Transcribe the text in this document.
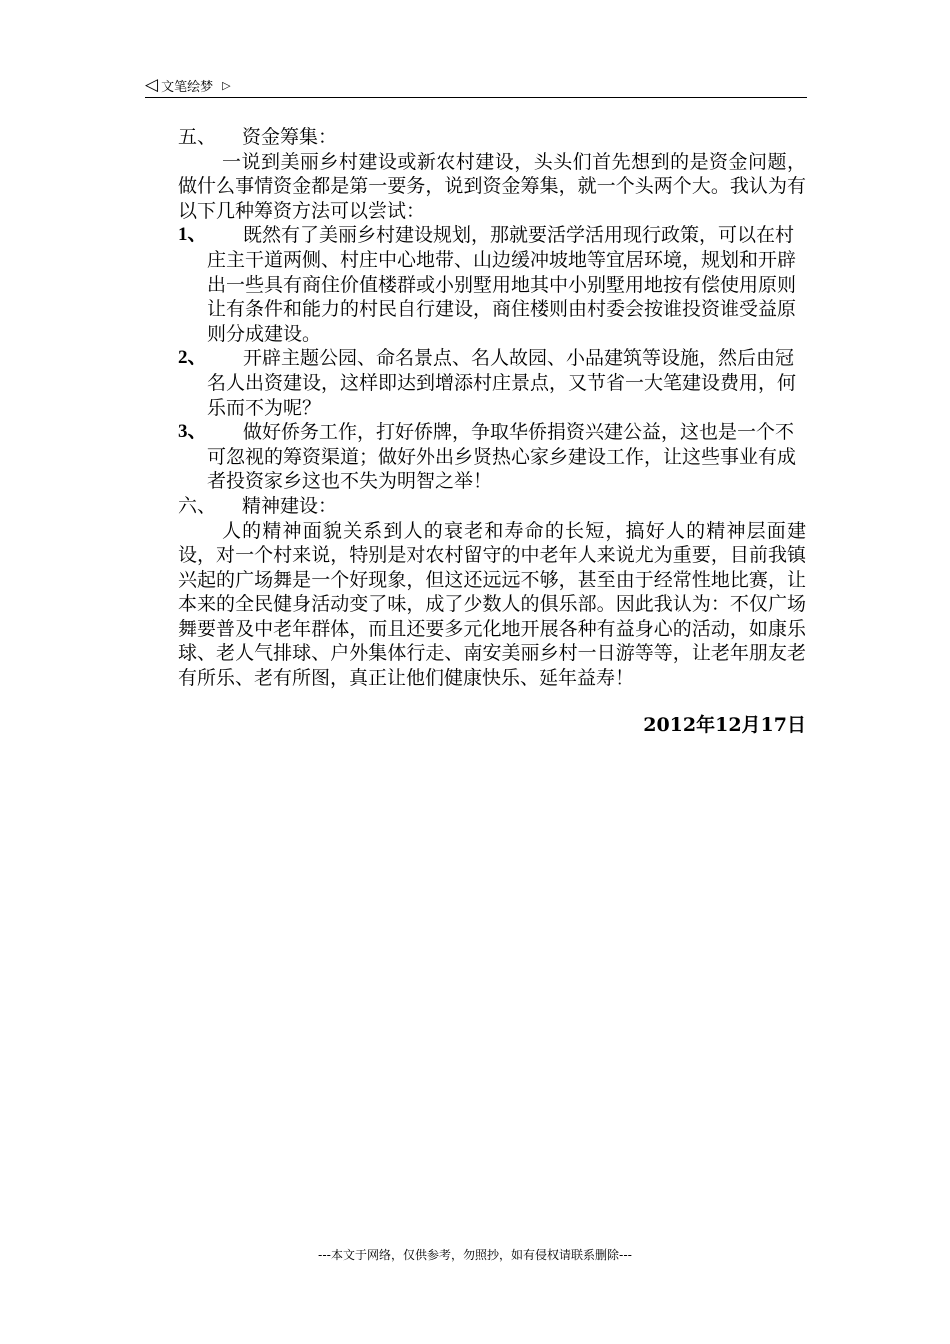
◁ 文笔绘梦 ▷
五、	资金筹集：

一说到美丽乡村建设或新农村建设，头头们首先想到的是资金问题，做什么事情资金都是第一要务，说到资金筹集，就一个头两个大。我认为有以下几种筹资方法可以尝试：

1、	既然有了美丽乡村建设规划，那就要活学活用现行政策，可以在村庄主干道两侧、村庄中心地带、山边缓冲坡地等宜居环境，规划和开辟出一些具有商住价值楼群或小别墅用地其中小别墅用地按有偿使用原则让有条件和能力的村民自行建设，商住楼则由村委会按谁投资谁受益原则分成建设。
2、	开辟主题公园、命名景点、名人故园、小品建筑等设施，然后由冠名人出资建设，这样即达到增添村庄景点，又节省一大笔建设费用，何乐而不为呢？
3、	做好侨务工作，打好侨牌，争取华侨捐资兴建公益，这也是一个不可忽视的筹资渠道；做好外出乡贤热心家乡建设工作，让这些事业有成者投资家乡这也不失为明智之举！
六、	精神建设：

人的精神面貌关系到人的衰老和寿命的长短，搞好人的精神层面建设，对一个村来说，特别是对农村留守的中老年人来说尤为重要，目前我镇兴起的广场舞是一个好现象，但这还远远不够，甚至由于经常性地比赛，让本来的全民健身活动变了味，成了少数人的俱乐部。因此我认为：不仅广场舞要普及中老年群体，而且还要多元化地开展各种有益身心的活动，如康乐球、老人气排球、户外集体行走、南安美丽乡村一日游等等，让老年朋友老有所乐、老有所图，真正让他们健康快乐、延年益寿！

2012年12月17日
---本文于网络，仅供参考，勿照抄，如有侵权请联系删除---
